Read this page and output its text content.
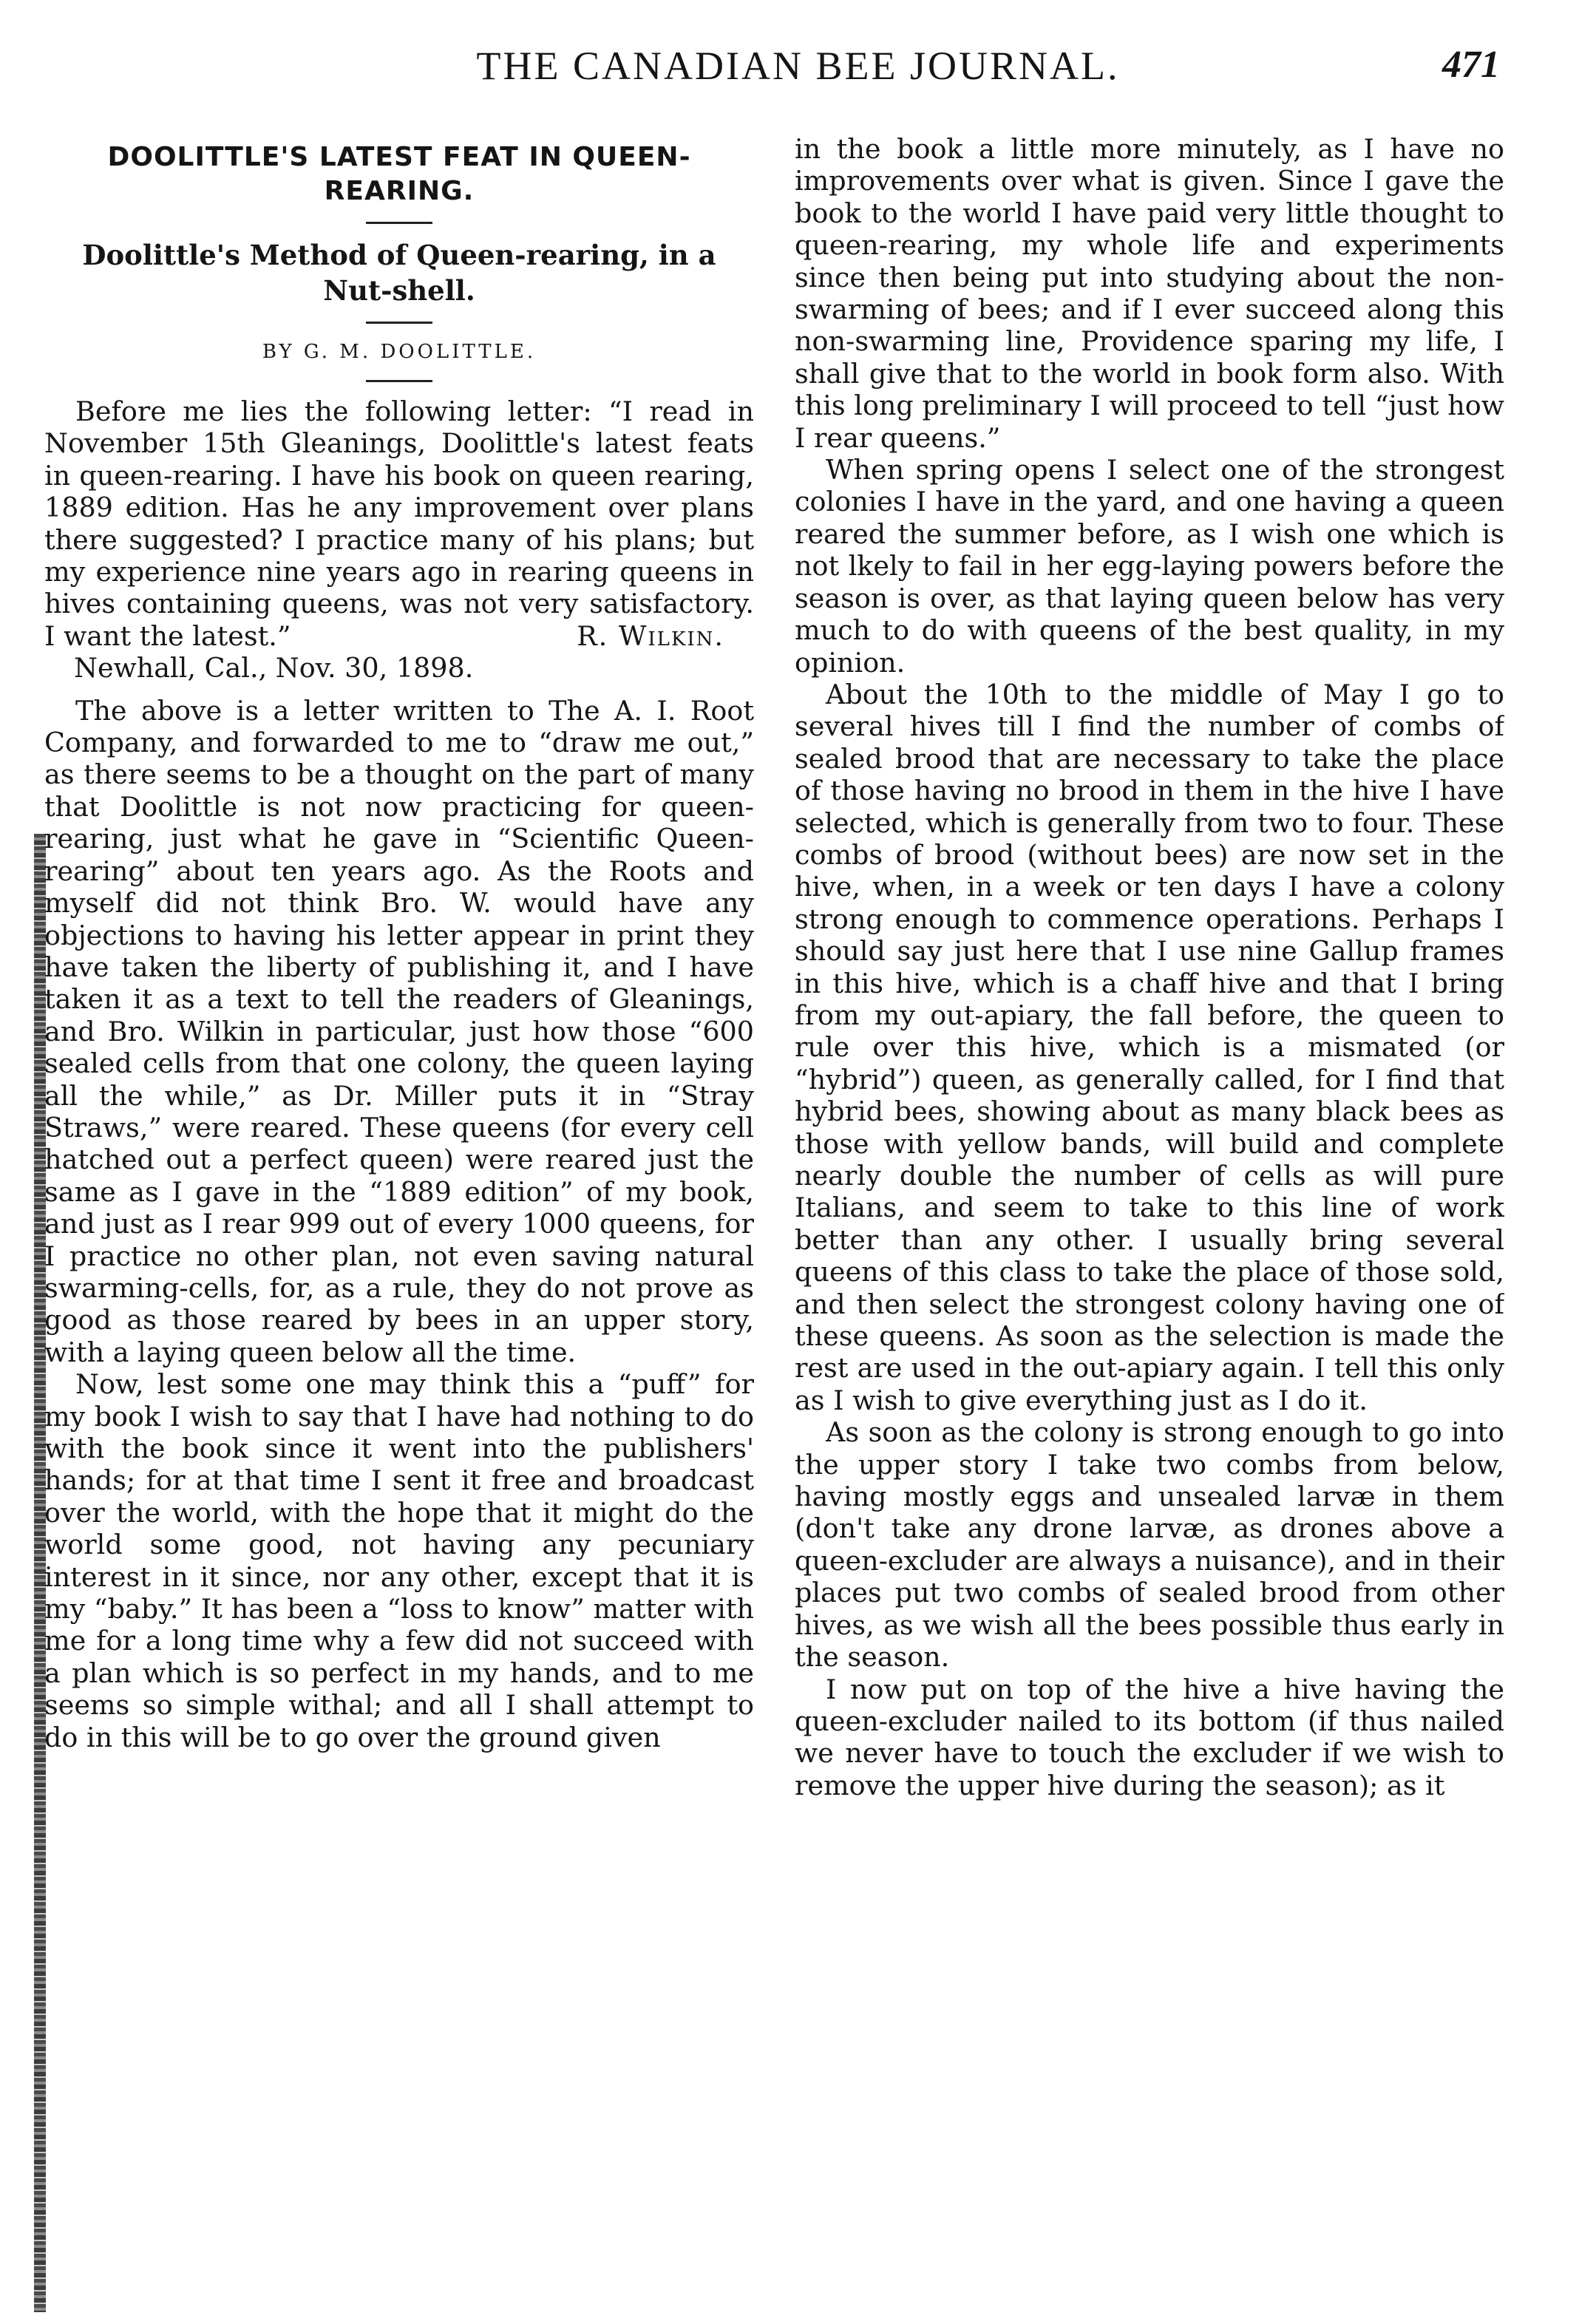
THE CANADIAN BEE JOURNAL.	471
DOOLITTLE'S LATEST FEAT IN QUEEN-REARING.
Doolittle's Method of Queen-rearing, in a Nut-shell.
BY G. M. DOOLITTLE.

Before me lies the following letter: “I read in November 15th Gleanings, Doolittle's latest feats in queen-rearing. I have his book on queen rearing, 1889 edition. Has he any improvement over plans there suggested? I practice many of his plans; but my experience nine years ago in rearing queens in hives containing queens, was not very satisfactory. I want the latest.”	R. Wilkin.

Newhall, Cal., Nov. 30, 1898.

The above is a letter written to The A. I. Root Company, and forwarded to me to “draw me out,” as there seems to be a thought on the part of many that Doolittle is not now practicing for queen-rearing, just what he gave in “Scientific Queen-rearing” about ten years ago. As the Roots and myself did not think Bro. W. would have any objections to having his letter appear in print they have taken the liberty of publishing it, and I have taken it as a text to tell the readers of Gleanings, and Bro. Wilkin in particular, just how those “600 sealed cells from that one colony, the queen laying all the while,” as Dr. Miller puts it in “Stray Straws,” were reared. These queens (for every cell hatched out a perfect queen) were reared just the same as I gave in the “1889 edition” of my book, and just as I rear 999 out of every 1000 queens, for I practice no other plan, not even saving natural swarming-cells, for, as a rule, they do not prove as good as those reared by bees in an upper story, with a laying queen below all the time.

Now, lest some one may think this a “puff” for my book I wish to say that I have had nothing to do with the book since it went into the publishers' hands; for at that time I sent it free and broadcast over the world, with the hope that it might do the world some good, not having any pecuniary interest in it since, nor any other, except that it is my “baby.” It has been a “loss to know” matter with me for a long time why a few did not succeed with a plan which is so perfect in my hands, and to me seems so simple withal; and all I shall attempt to do in this will be to go over the ground given

in the book a little more minutely, as I have no improvements over what is given. Since I gave the book to the world I have paid very little thought to queen-rearing, my whole life and experiments since then being put into studying about the non-swarming of bees; and if I ever succeed along this non-swarming line, Providence sparing my life, I shall give that to the world in book form also. With this long preliminary I will proceed to tell “just how I rear queens.”

When spring opens I select one of the strongest colonies I have in the yard, and one having a queen reared the summer before, as I wish one which is not lkely to fail in her egg-laying powers before the season is over, as that laying queen below has very much to do with queens of the best quality, in my opinion.

About the 10th to the middle of May I go to several hives till I find the number of combs of sealed brood that are necessary to take the place of those having no brood in them in the hive I have selected, which is generally from two to four. These combs of brood (without bees) are now set in the hive, when, in a week or ten days I have a colony strong enough to commence operations. Perhaps I should say just here that I use nine Gallup frames in this hive, which is a chaff hive and that I bring from my out-apiary, the fall before, the queen to rule over this hive, which is a mismated (or “hybrid”) queen, as generally called, for I find that hybrid bees, showing about as many black bees as those with yellow bands, will build and complete nearly double the number of cells as will pure Italians, and seem to take to this line of work better than any other. I usually bring several queens of this class to take the place of those sold, and then select the strongest colony having one of these queens. As soon as the selection is made the rest are used in the out-apiary again. I tell this only as I wish to give everything just as I do it.

As soon as the colony is strong enough to go into the upper story I take two combs from below, having mostly eggs and unsealed larvæ in them (don't take any drone larvæ, as drones above a queen-excluder are always a nuisance), and in their places put two combs of sealed brood from other hives, as we wish all the bees possible thus early in the season.

I now put on top of the hive a hive having the queen-excluder nailed to its bottom (if thus nailed we never have to touch the excluder if we wish to remove the upper hive during the season); as it
